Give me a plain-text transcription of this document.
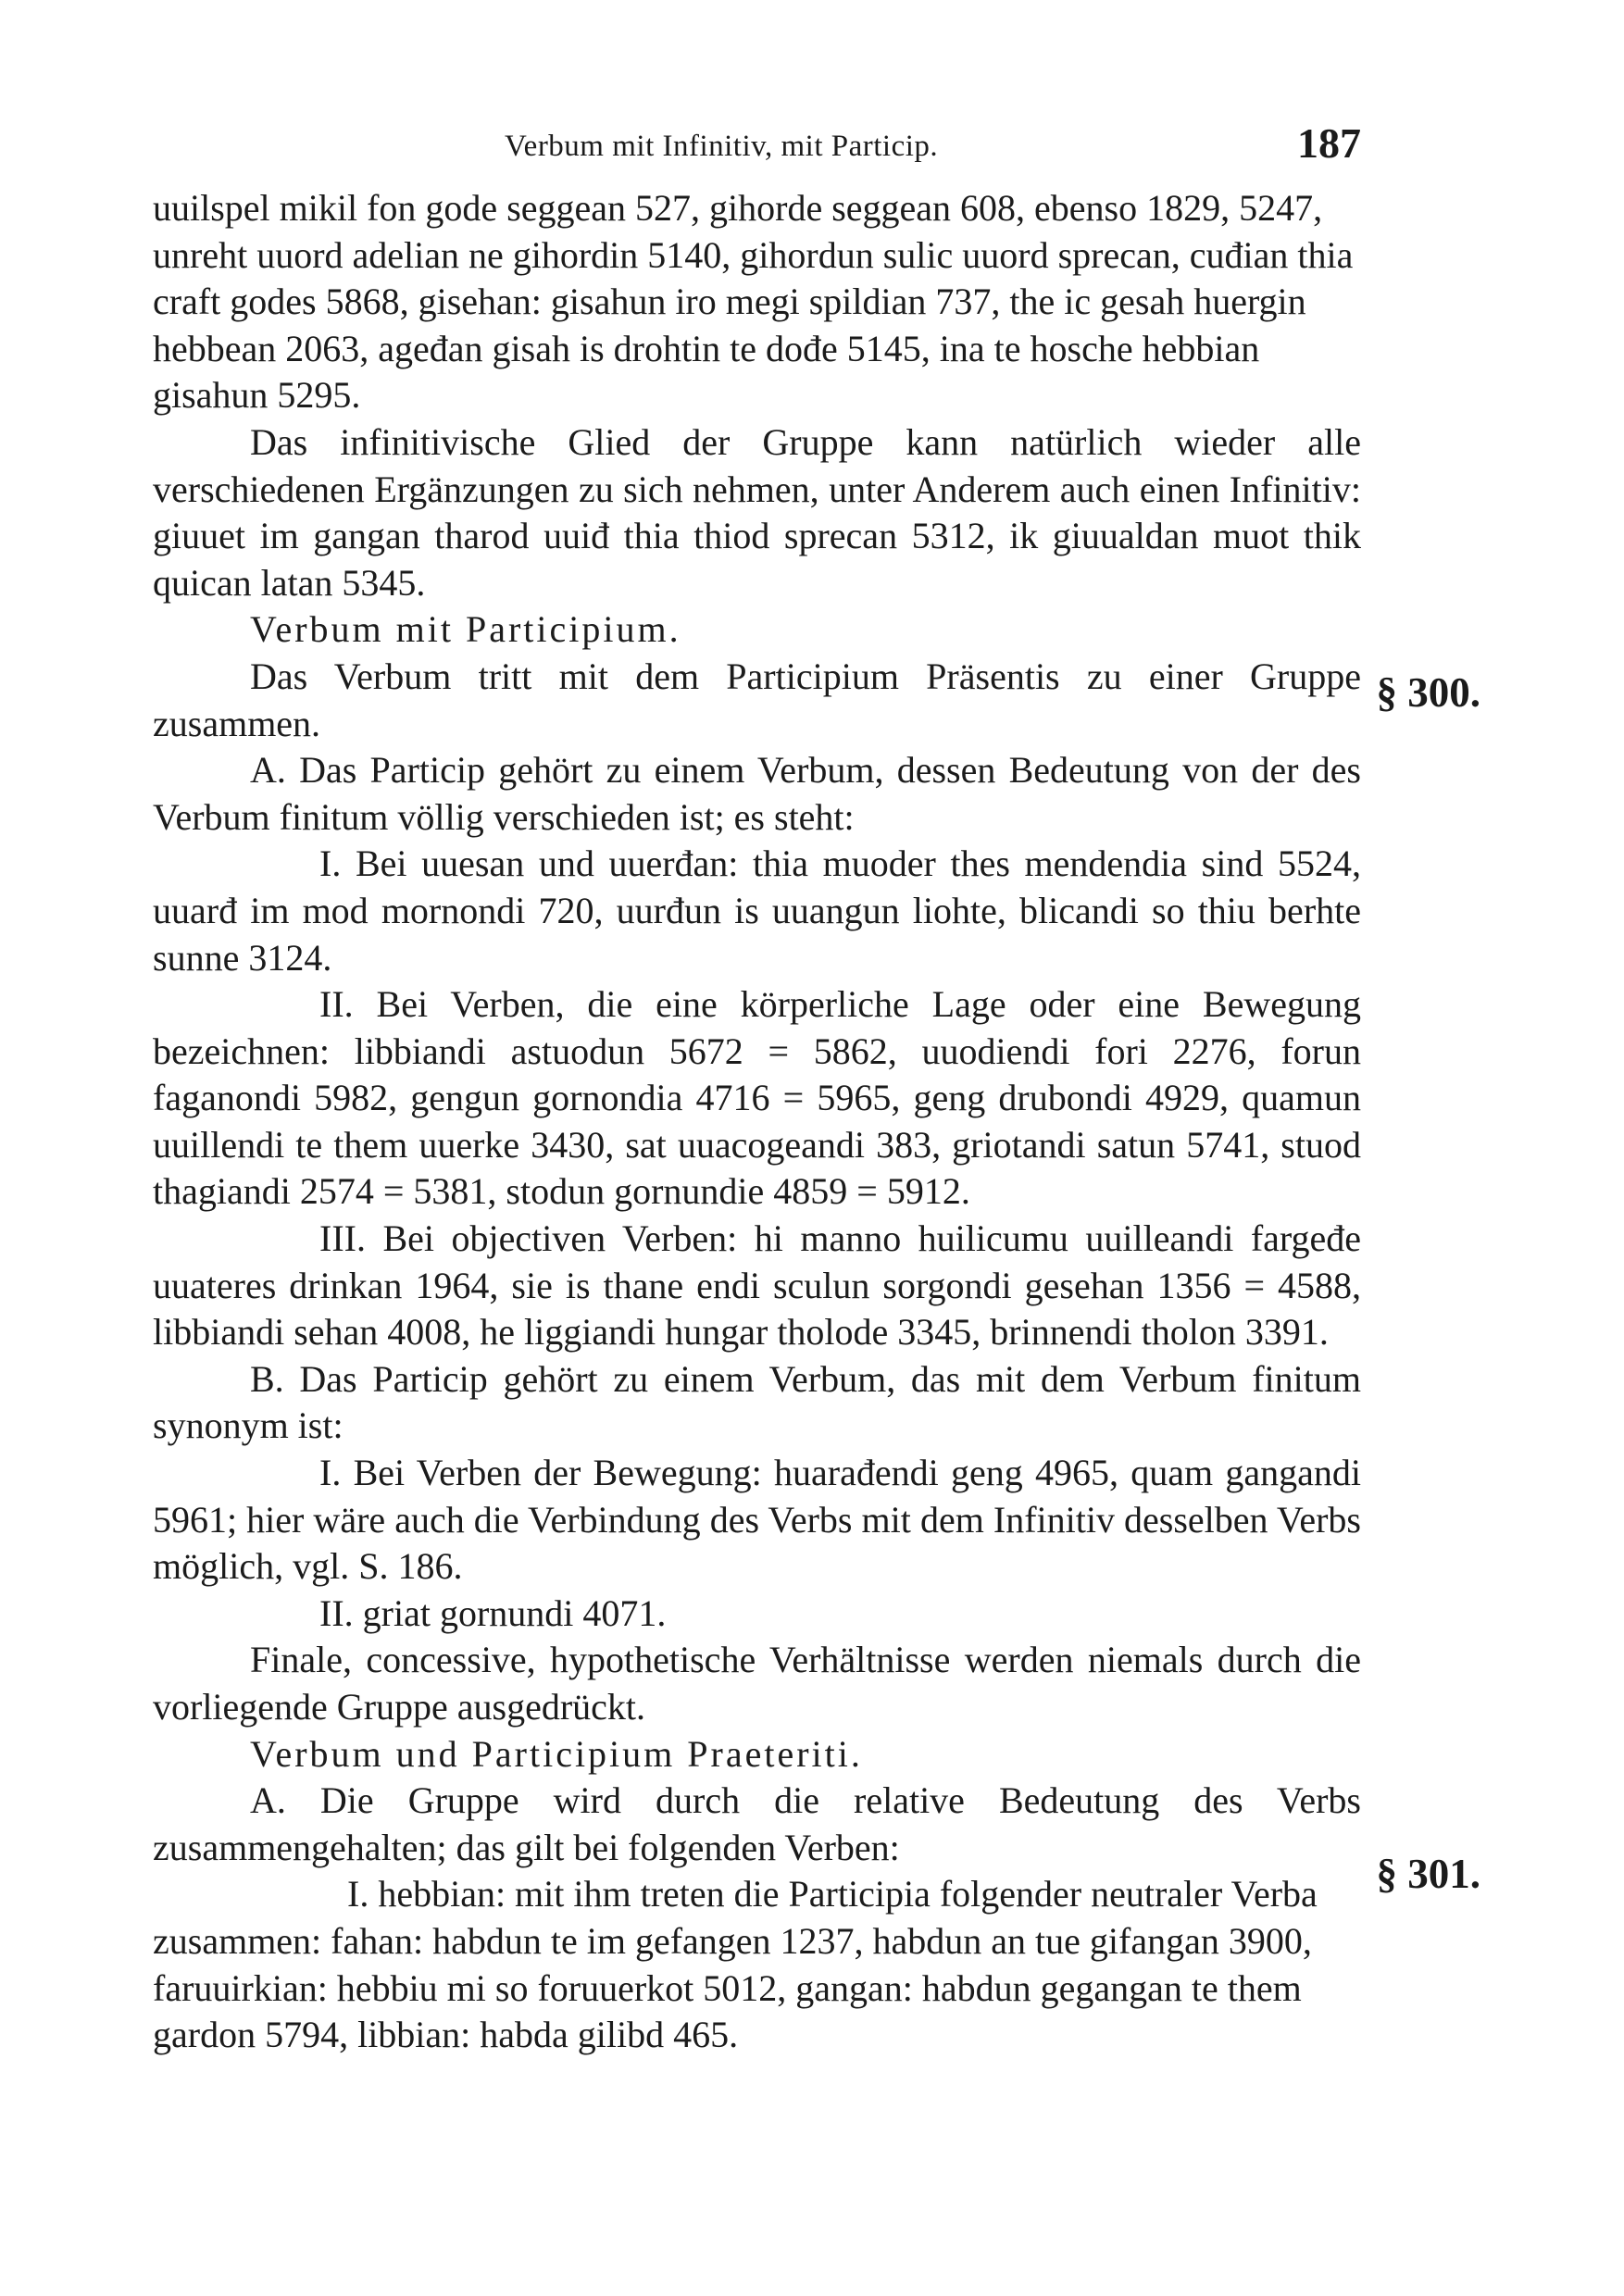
Verbum mit Infinitiv, mit Particip.	187
§ 300.
§ 301.

uuilspel mikil fon gode seggean 527, gihorde seggean 608, ebenso 1829, 5247, unreht uuord adelian ne gihordin 5140, gihordun sulic uuord sprecan, cuđian thia craft godes 5868, gisehan: gisahun iro megi spildian 737, the ic gesah huergin hebbean 2063, ageđan gisah is drohtin te dođe 5145, ina te hosche hebbian gisahun 5295.

Das infinitivische Glied der Gruppe kann natürlich wieder alle verschiedenen Ergänzungen zu sich nehmen, unter Anderem auch einen Infinitiv: giuuet im gangan tharod uuiđ thia thiod sprecan 5312, ik giuualdan muot thik quican latan 5345.

Verbum mit Participium.

Das Verbum tritt mit dem Participium Präsentis zu einer Gruppe zusammen.

A. Das Particip gehört zu einem Verbum, dessen Bedeutung von der des Verbum finitum völlig verschieden ist; es steht:

I. Bei uuesan und uuerđan: thia muoder thes mendendia sind 5524, uuarđ im mod mornondi 720, uurđun is uuangun liohte, blicandi so thiu berhte sunne 3124.

II. Bei Verben, die eine körperliche Lage oder eine Bewegung bezeichnen: libbiandi astuodun 5672 = 5862, uuodiendi fori 2276, forun faganondi 5982, gengun gornondia 4716 = 5965, geng drubondi 4929, quamun uuillendi te them uuerke 3430, sat uuacogeandi 383, griotandi satun 5741, stuod thagiandi 2574 = 5381, stodun gornundie 4859 = 5912.

III. Bei objectiven Verben: hi manno huilicumu uuilleandi fargeđe uuateres drinkan 1964, sie is thane endi sculun sorgondi gesehan 1356 = 4588, libbiandi sehan 4008, he liggiandi hungar tholode 3345, brinnendi tholon 3391.

B. Das Particip gehört zu einem Verbum, das mit dem Verbum finitum synonym ist:

I. Bei Verben der Bewegung: huarađendi geng 4965, quam gangandi 5961; hier wäre auch die Verbindung des Verbs mit dem Infinitiv desselben Verbs möglich, vgl. S. 186.

II. griat gornundi 4071.

Finale, concessive, hypothetische Verhältnisse werden niemals durch die vorliegende Gruppe ausgedrückt.

Verbum und Participium Praeteriti.

A. Die Gruppe wird durch die relative Bedeutung des Verbs zusammengehalten; das gilt bei folgenden Verben:

I. hebbian: mit ihm treten die Participia folgender neutraler Verba zusammen: fahan: habdun te im gefangen 1237, habdun an tue gifangan 3900, faruuirkian: hebbiu mi so foruuerkot 5012, gangan: habdun gegangan te them gardon 5794, libbian: habda gilibd 465.
